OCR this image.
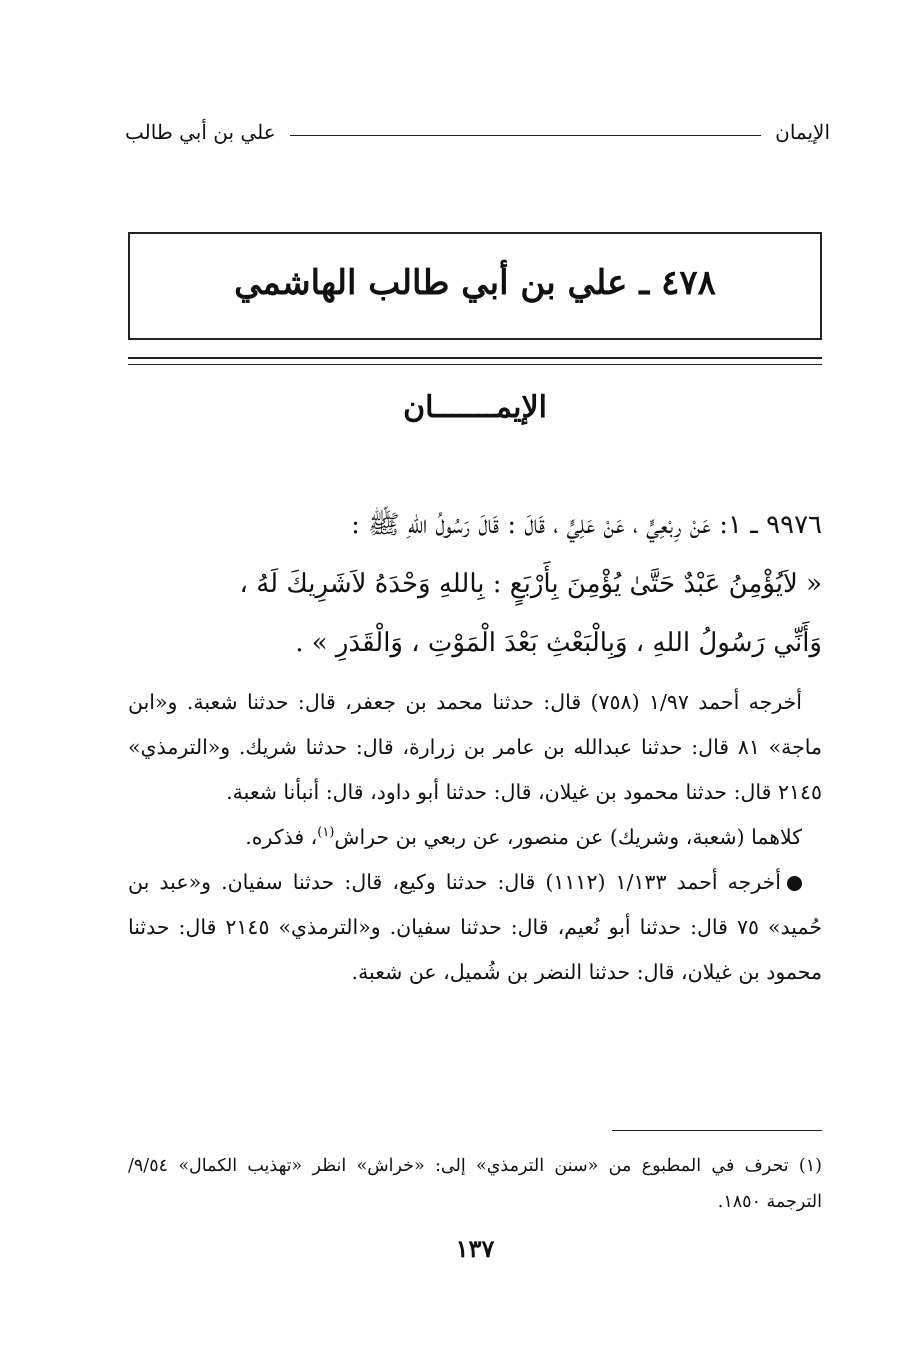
الإيمان
علي بن أبي طالب
٤٧٨ ـ علي بن أبي طالب الهاشمي
الإيمـــــــان

٩٩٧٦ ـ ١: عَنْ رِبْعِيٍّ ، عَنْ عَلِيٍّ ، قَالَ : قَالَ رَسُولُ اللهِ ﷺ :

« لاَيُؤْمِنُ عَبْدٌ حَتَّىٰ يُؤْمِنَ بِأَرْبَعٍ : بِاللهِ وَحْدَهُ لاَشَرِيكَ لَهُ ،

وَأَنِّي رَسُولُ اللهِ ، وَبِالْبَعْثِ بَعْدَ الْمَوْتِ ، وَالْقَدَرِ » .

أخرجه أحمد ١/٩٧ (٧٥٨) قال: حدثنا محمد بن جعفر، قال: حدثنا شعبة. و«ابن ماجة» ٨١ قال: حدثنا عبدالله بن عامر بن زرارة، قال: حدثنا شريك. و«الترمذي» ٢١٤٥ قال: حدثنا محمود بن غيلان، قال: حدثنا أبو داود، قال: أنبأنا شعبة.

كلاهما (شعبة، وشريك) عن منصور، عن ربعي بن حراش$^{(١)}$، فذكره.

أخرجه أحمد ١/١٣٣ (١١١٢) قال: حدثنا وكيع، قال: حدثنا سفيان. و«عبد بن حُميد» ٧٥ قال: حدثنا أبو نُعيم، قال: حدثنا سفيان. و«الترمذي» ٢١٤٥ قال: حدثنا محمود بن غيلان، قال: حدثنا النضر بن شُميل، عن شعبة.

(١) تحرف في المطبوع من «سنن الترمذي» إلى: «خراش» انظر «تهذيب الكمال» ٩/٥٤/ الترجمة ١٨٥٠.

١٣٧
